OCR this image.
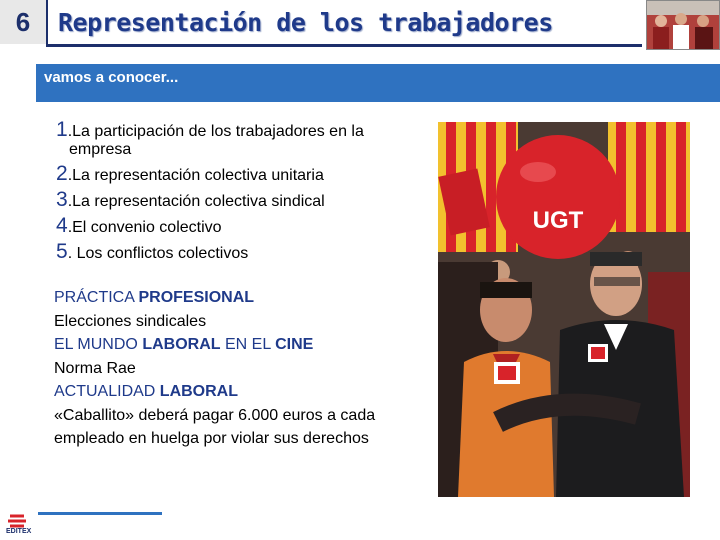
6	Representación de los trabajadores
vamos a conocer...
1.La participación de los trabajadores en la
empresa
2.La representación colectiva unitaria
3.La representación colectiva sindical
4.El convenio colectivo
5. Los conflictos colectivos
PRÁCTICA PROFESIONAL
Elecciones sindicales
EL MUNDO LABORAL EN EL CINE
Norma Rae
ACTUALIDAD LABORAL
«Caballito» deberá pagar 6.000 euros a cada empleado en huelga por violar sus derechos
UGT
EDITEX
